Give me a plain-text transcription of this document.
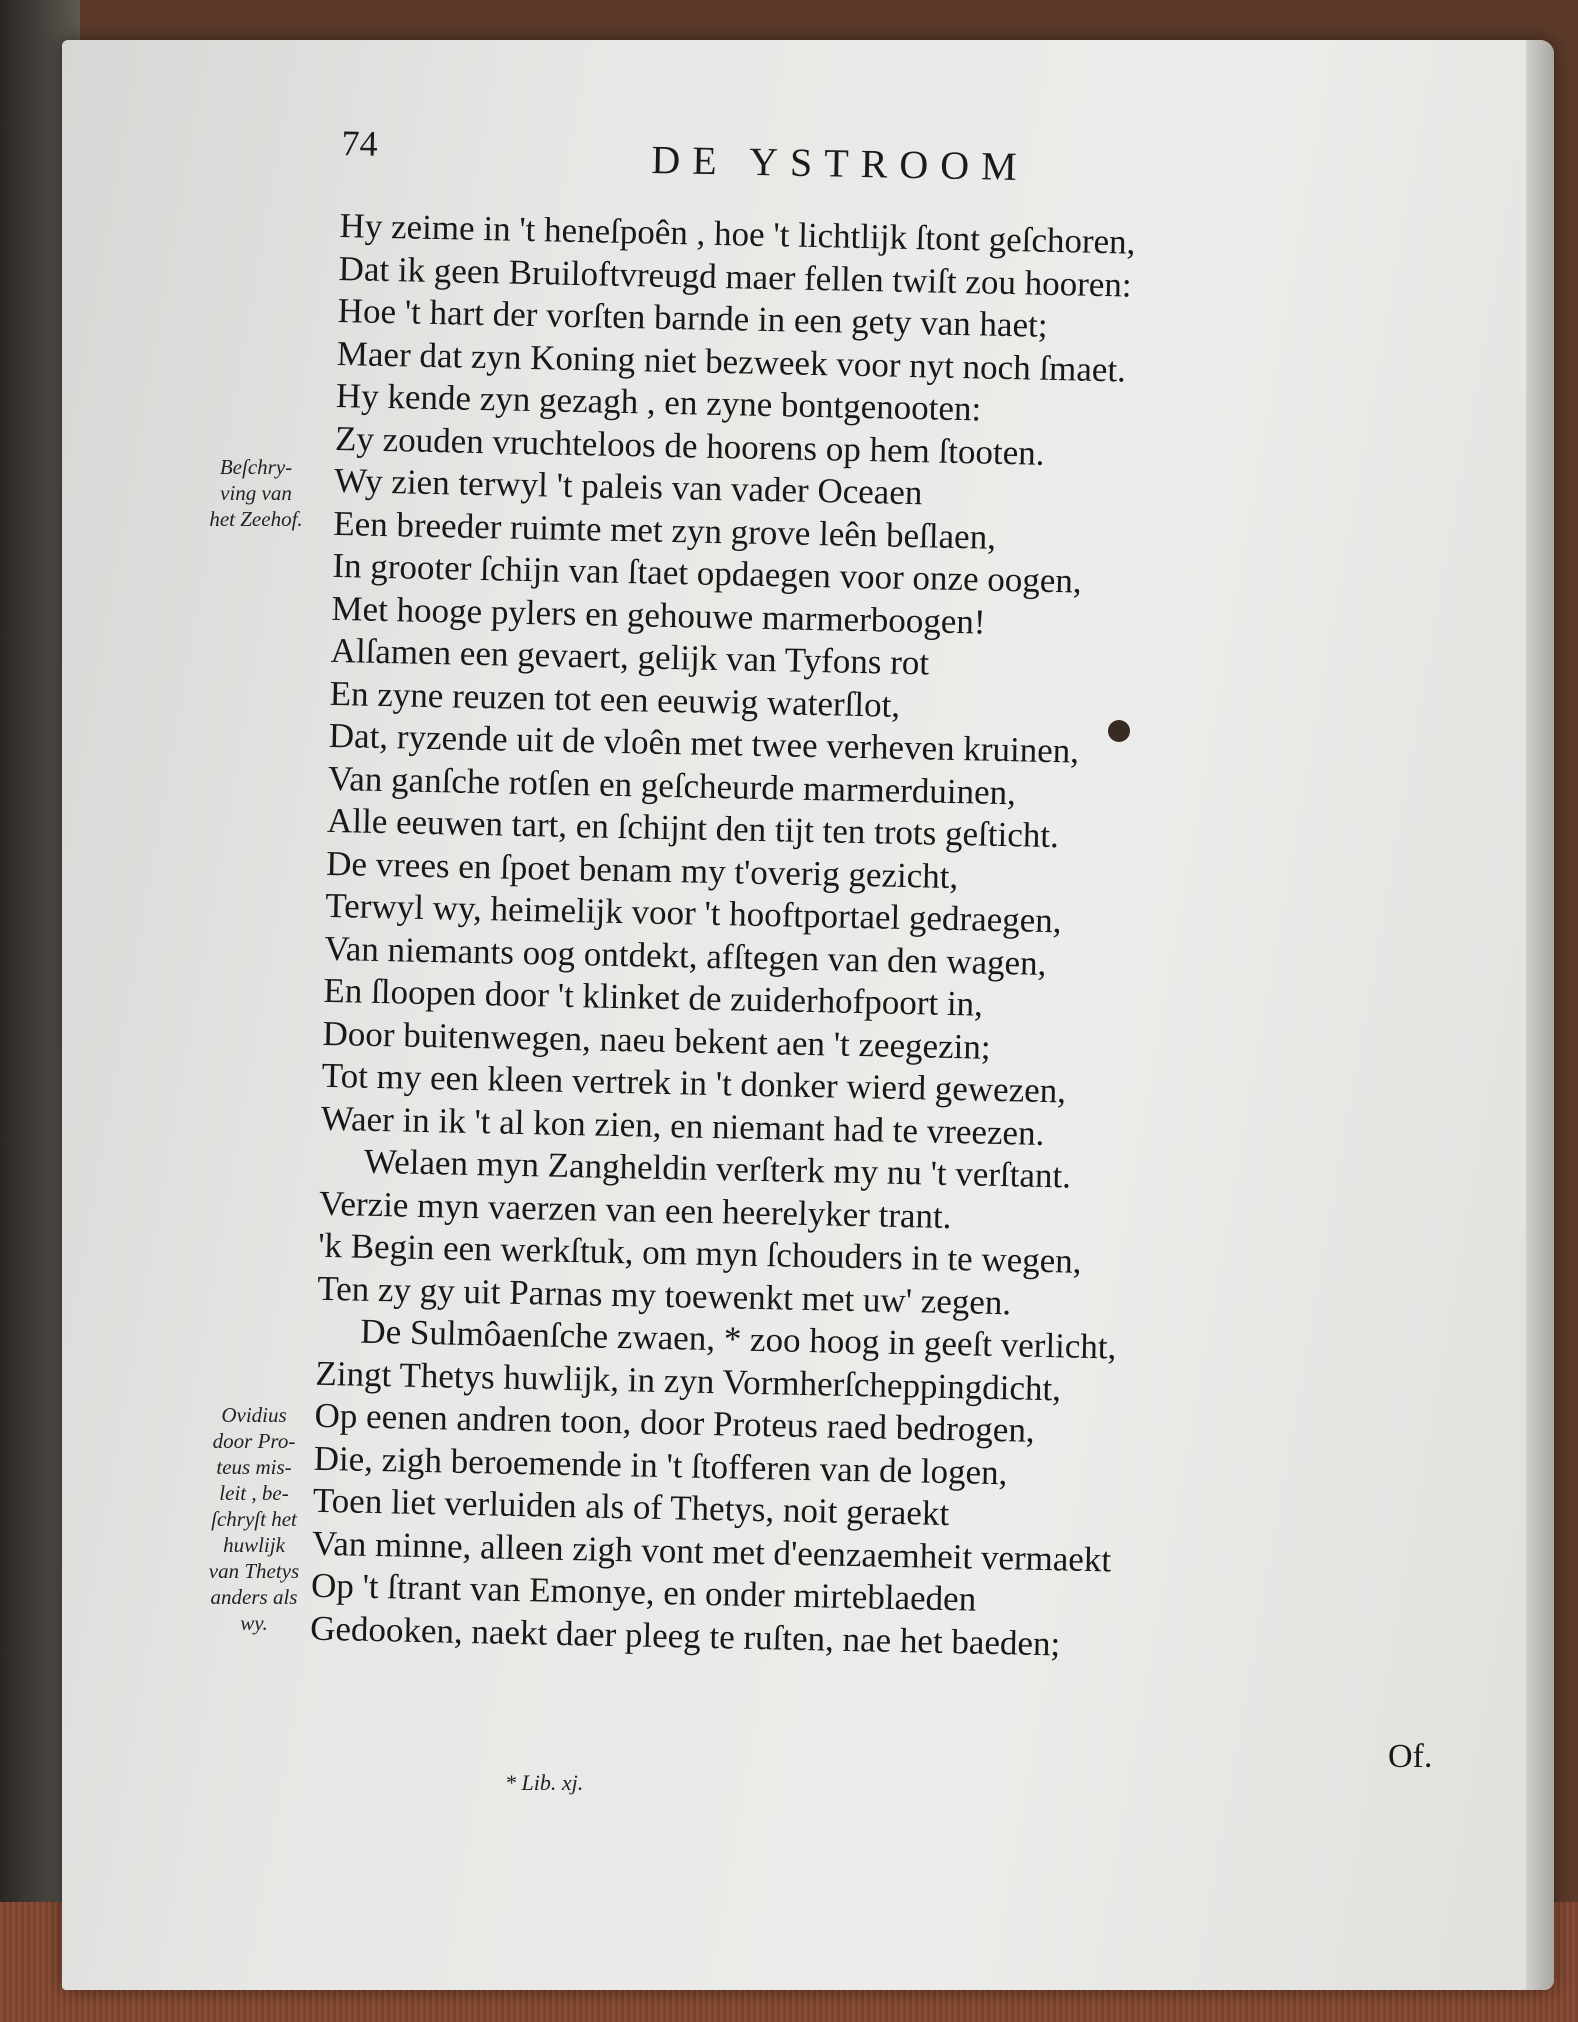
74	DE YSTROOM
Hy zeime in 't heneſpoên , hoe 't lichtlijk ſtont geſchoren,
Dat ik geen Bruiloftvreugd maer fellen twiſt zou hooren:
Hoe 't hart der vorſten barnde in een gety van haet;
Maer dat zyn Koning niet bezweek voor nyt noch ſmaet.
Hy kende zyn gezagh , en zyne bontgenooten:
Zy zouden vruchteloos de hoorens op hem ſtooten.
Wy zien terwyl 't paleis van vader Oceaen
Een breeder ruimte met zyn grove leên beſlaen,
In grooter ſchijn van ſtaet opdaegen voor onze oogen,
Met hooge pylers en gehouwe marmerboogen!
Alſamen een gevaert, gelijk van Tyfons rot
En zyne reuzen tot een eeuwig waterſlot,
Dat, ryzende uit de vloên met twee verheven kruinen,
Van ganſche rotſen en geſcheurde marmerduinen,
Alle eeuwen tart, en ſchijnt den tijt ten trots geſticht.
De vrees en ſpoet benam my t'overig gezicht,
Terwyl wy, heimelijk voor 't hooftportael gedraegen,
Van niemants oog ontdekt, afſtegen van den wagen,
En ſloopen door 't klinket de zuiderhofpoort in,
Door buitenwegen, naeu bekent aen 't zeegezin;
Tot my een kleen vertrek in 't donker wierd gewezen,
Waer in ik 't al kon zien, en niemant had te vreezen.
Welaen myn Zangheldin verſterk my nu 't verſtant.
Verzie myn vaerzen van een heerelyker trant.
'k Begin een werkſtuk, om myn ſchouders in te wegen,
Ten zy gy uit Parnas my toewenkt met uw' zegen.
De Sulmôaenſche zwaen, * zoo hoog in geeſt verlicht,
Zingt Thetys huwlijk, in zyn Vormherſcheppingdicht,
Op eenen andren toon, door Proteus raed bedrogen,
Die, zigh beroemende in 't ſtofferen van de logen,
Toen liet verluiden als of Thetys, noit geraekt
Van minne, alleen zigh vont met d'eenzaemheit vermaekt
Op 't ſtrant van Emonye, en onder mirteblaeden
Gedooken, naekt daer pleeg te ruſten, nae het baeden;
Beſchry-
ving van
het Zeehof.
Ovidius
door Pro-
teus mis-
leit , be-
ſchryſt het
huwlijk
van Thetys
anders als
wy.
Of.
* Lib. xj.
